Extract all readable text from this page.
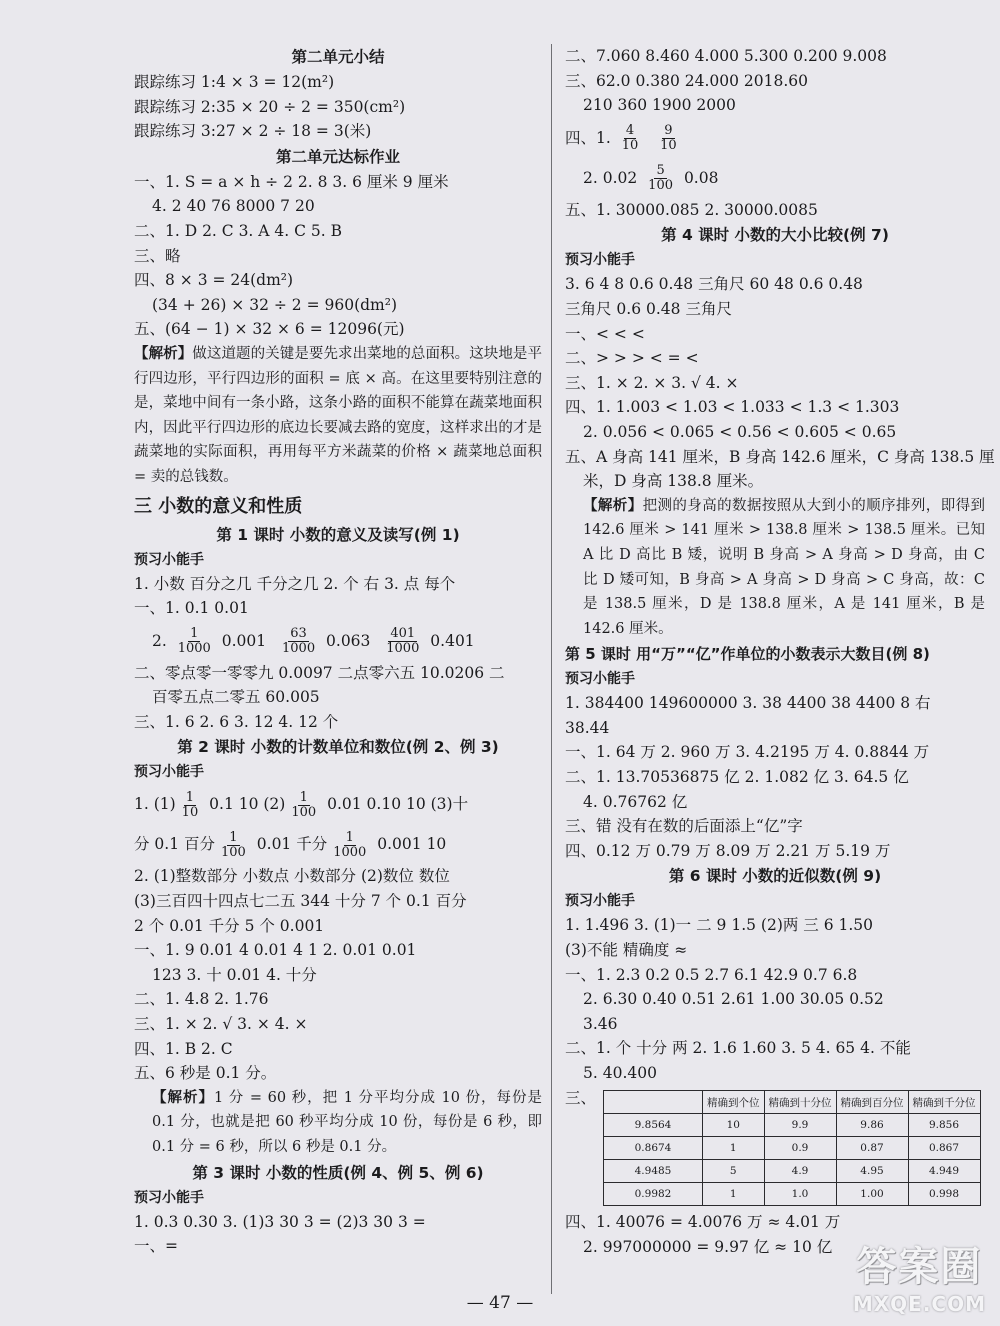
第二单元小结
跟踪练习 1:4 × 3 = 12(m²)
跟踪练习 2:35 × 20 ÷ 2 = 350(cm²)
跟踪练习 3:27 × 2 ÷ 18 = 3(米)
第二单元达标作业
一、1. S = a × h ÷ 2 2. 8 3. 6 厘米 9 厘米
4. 2 40 76 8000 7 20
二、1. D 2. C 3. A 4. C 5. B
三、略
四、8 × 3 = 24(dm²)
(34 + 26) × 32 ÷ 2 = 960(dm²)
五、(64 − 1) × 32 × 6 = 12096(元)
【解析】做这道题的关键是要先求出菜地的总面积。这块地是平行四边形，平行四边形的面积 = 底 × 高。在这里要特别注意的是，菜地中间有一条小路，这条小路的面积不能算在蔬菜地面积内，因此平行四边形的底边长要减去路的宽度，这样求出的才是蔬菜地的实际面积，再用每平方米蔬菜的价格 × 蔬菜地总面积 = 卖的总钱数。
三 小数的意义和性质
第 1 课时 小数的意义及读写(例 1)
预习小能手
1. 小数 百分之几 千分之几 2. 个 右 3. 点 每个
一、1. 0.1 0.01
2. $\frac{1}{1000} 0.001 \frac{63}{1000} 0.063 \frac{401}{1000} 0.401$
二、零点零一零零九 0.0097 二点零六五 10.0206 二
百零五点二零五 60.005
三、1. 6 2. 6 3. 12 4. 12 个
第 2 课时 小数的计数单位和数位(例 2、例 3)
预习小能手
1. $(1) \frac{1}{10} 0.1$ 10 $(2) \frac{1}{100} 0.01$ 0.10 10 (3)十
分 0.1 百分 $\frac{1}{100} 0.01$ 千分 $\frac{1}{1000} 0.001$ 10
2. (1)整数部分 小数点 小数部分 (2)数位 数位
(3)三百四十四点七二五 344 十分 7 个 0.1 百分
2 个 0.01 千分 5 个 0.001
一、1. 9 0.01 4 0.01 4 1 2. 0.01 0.01
123 3. 十 0.01 4. 十分
二、1. 4.8 2. 1.76
三、1. × 2. √ 3. × 4. ×
四、1. B 2. C
五、6 秒是 0.1 分。
【解析】1 分 = 60 秒，把 1 分平均分成 10 份，每份是 0.1 分，也就是把 60 秒平均分成 10 份，每份是 6 秒，即 0.1 分 = 6 秒，所以 6 秒是 0.1 分。
第 3 课时 小数的性质(例 4、例 5、例 6)
预习小能手
1. 0.3 0.30 3. (1)3 30 3 = (2)3 30 3 =
一、=
二、7.060 8.460 4.000 5.300 0.200 9.008
三、62.0 0.380 24.000 2018.60
210 360 1900 2000
四、1. $\frac{4}{10}$
$\frac{9}{10}$
2. $0.02 \frac{5}{100} 0.08$
五、1. 30000.085 2. 30000.0085
第 4 课时 小数的大小比较(例 7)
预习小能手
3. 6 4 8 0.6 0.48 三角尺 60 48 0.6 0.48
三角尺 0.6 0.48 三角尺
一、< < <
二、> > > < = <
三、1. × 2. × 3. √ 4. ×
四、1. 1.003 < 1.03 < 1.033 < 1.3 < 1.303
2. 0.056 < 0.065 < 0.56 < 0.605 < 0.65
五、A 身高 141 厘米，B 身高 142.6 厘米，C 身高 138.5 厘
米，D 身高 138.8 厘米。
【解析】把测的身高的数据按照从大到小的顺序排列，即得到 142.6 厘米 > 141 厘米 > 138.8 厘米 > 138.5 厘米。已知 A 比 D 高比 B 矮，说明 B 身高 > A 身高 > D 身高，由 C 比 D 矮可知，B 身高 > A 身高 > D 身高 > C 身高，故：C 是 138.5 厘米，D 是 138.8 厘米，A 是 141 厘米，B 是 142.6 厘米。
第 5 课时 用“万”“亿”作单位的小数表示大数目(例 8)
预习小能手
1. 384400 149600000 3. 38 4400 38 4400 8 右
38.44
一、1. 64 万 2. 960 万 3. 4.2195 万 4. 0.8844 万
二、1. 13.70536875 亿 2. 1.082 亿 3. 64.5 亿
4. 0.76762 亿
三、错 没有在数的后面添上“亿”字
四、0.12 万 0.79 万 8.09 万 2.21 万 5.19 万
第 6 课时 小数的近似数(例 9)
预习小能手
1. 1.496 3. (1)一 二 9 1.5 (2)两 三 6 1.50
(3)不能 精确度 ≈
一、1. 2.3 0.2 0.5 2.7 6.1 42.9 0.7 6.8
2. 6.30 0.40 0.51 2.61 1.00 30.05 0.52
3.46
二、1. 个 十分 两 2. 1.6 1.60 3. 5 4. 65 4. 不能
5. 40.400
三、
		精确到个位	精确到十分位	精确到百分位	精确到千分位
9.8564	10	9.9	9.86	9.856
0.8674	1	0.9	0.87	0.867
4.9485	5	4.9	4.95	4.949
0.9982	1	1.0	1.00	0.998
四、1. 40076 = 4.0076 万 ≈ 4.01 万
2. 997000000 = 9.97 亿 ≈ 10 亿
— 47 —
答案圈
MXQE.COM
